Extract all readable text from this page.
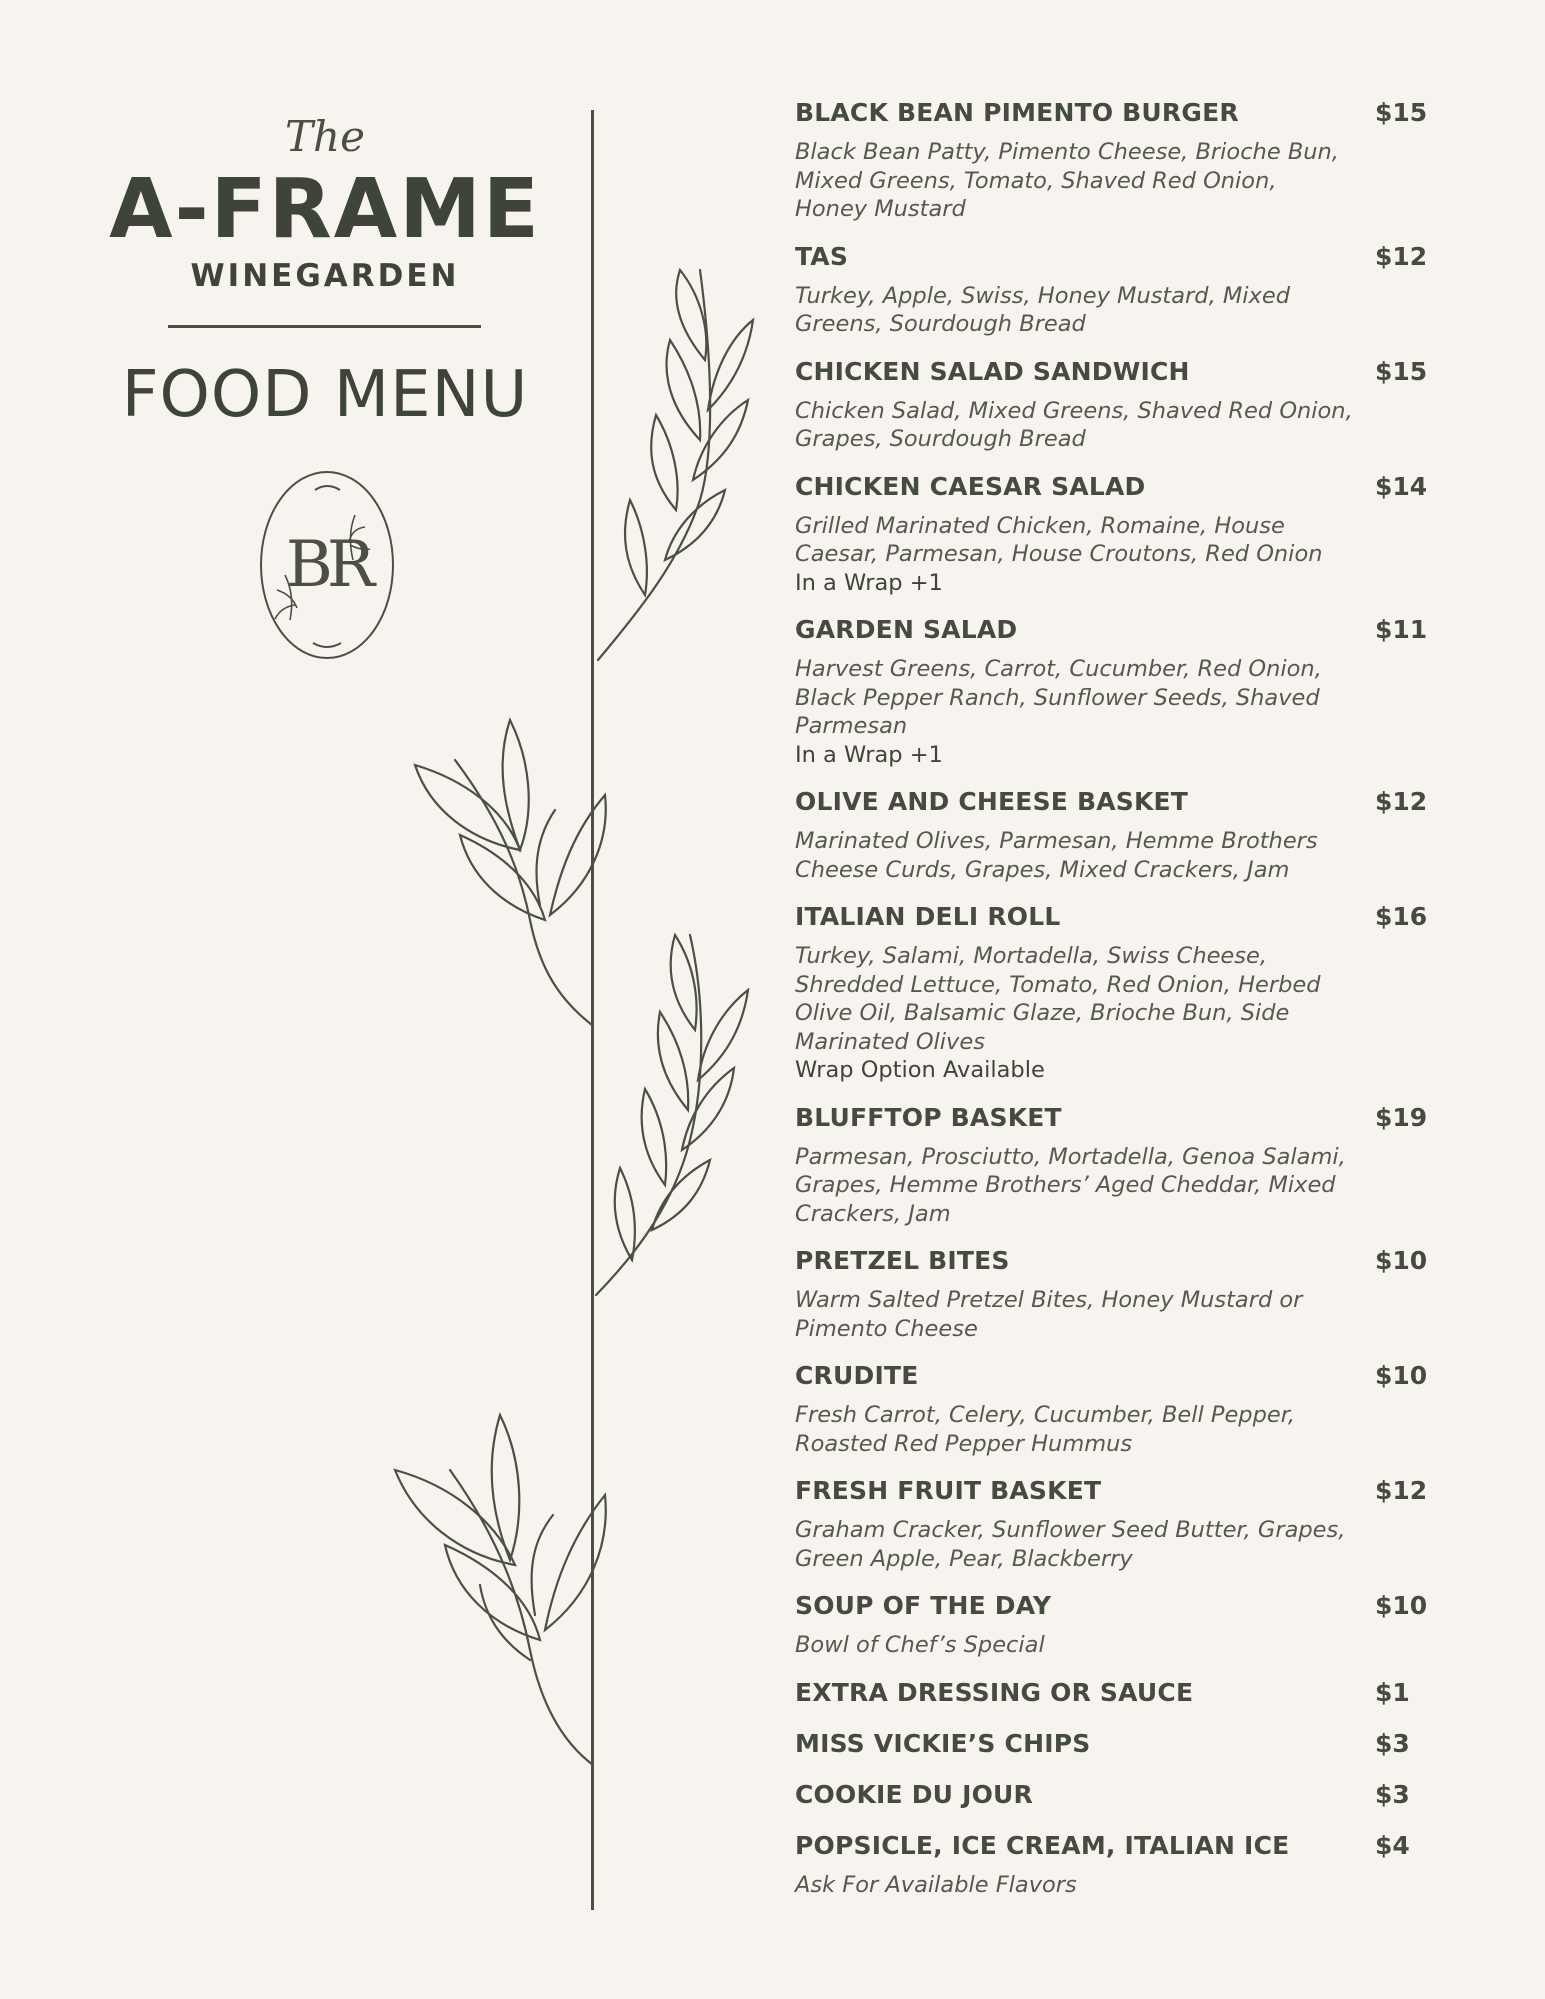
The
A-FRAME
WINEGARDEN
FOOD MENU
BR
BLACK BEAN PIMENTO BURGER	$15
Black Bean Patty, Pimento Cheese, Brioche Bun, Mixed Greens, Tomato, Shaved Red Onion, Honey Mustard
TAS	$12
Turkey, Apple, Swiss, Honey Mustard, Mixed Greens, Sourdough Bread
CHICKEN SALAD SANDWICH	$15
Chicken Salad, Mixed Greens, Shaved Red Onion, Grapes, Sourdough Bread
CHICKEN CAESAR SALAD	$14
Grilled Marinated Chicken, Romaine, House Caesar, Parmesan, House Croutons, Red Onion
In a Wrap +1
GARDEN SALAD	$11
Harvest Greens, Carrot, Cucumber, Red Onion, Black Pepper Ranch, Sunflower Seeds, Shaved Parmesan
In a Wrap +1
OLIVE AND CHEESE BASKET	$12
Marinated Olives, Parmesan, Hemme Brothers Cheese Curds, Grapes, Mixed Crackers, Jam
ITALIAN DELI ROLL	$16
Turkey, Salami, Mortadella, Swiss Cheese, Shredded Lettuce, Tomato, Red Onion, Herbed Olive Oil, Balsamic Glaze, Brioche Bun, Side Marinated Olives
Wrap Option Available
BLUFFTOP BASKET	$19
Parmesan, Prosciutto, Mortadella, Genoa Salami, Grapes, Hemme Brothers’ Aged Cheddar, Mixed Crackers, Jam
PRETZEL BITES	$10
Warm Salted Pretzel Bites, Honey Mustard or Pimento Cheese
CRUDITE	$10
Fresh Carrot, Celery, Cucumber, Bell Pepper, Roasted Red Pepper Hummus
FRESH FRUIT BASKET	$12
Graham Cracker, Sunflower Seed Butter, Grapes, Green Apple, Pear, Blackberry
SOUP OF THE DAY	$10
Bowl of Chef’s Special
EXTRA DRESSING OR SAUCE	$1
MISS VICKIE’S CHIPS	$3
COOKIE DU JOUR	$3
POPSICLE, ICE CREAM, ITALIAN ICE	$4
Ask For Available Flavors
